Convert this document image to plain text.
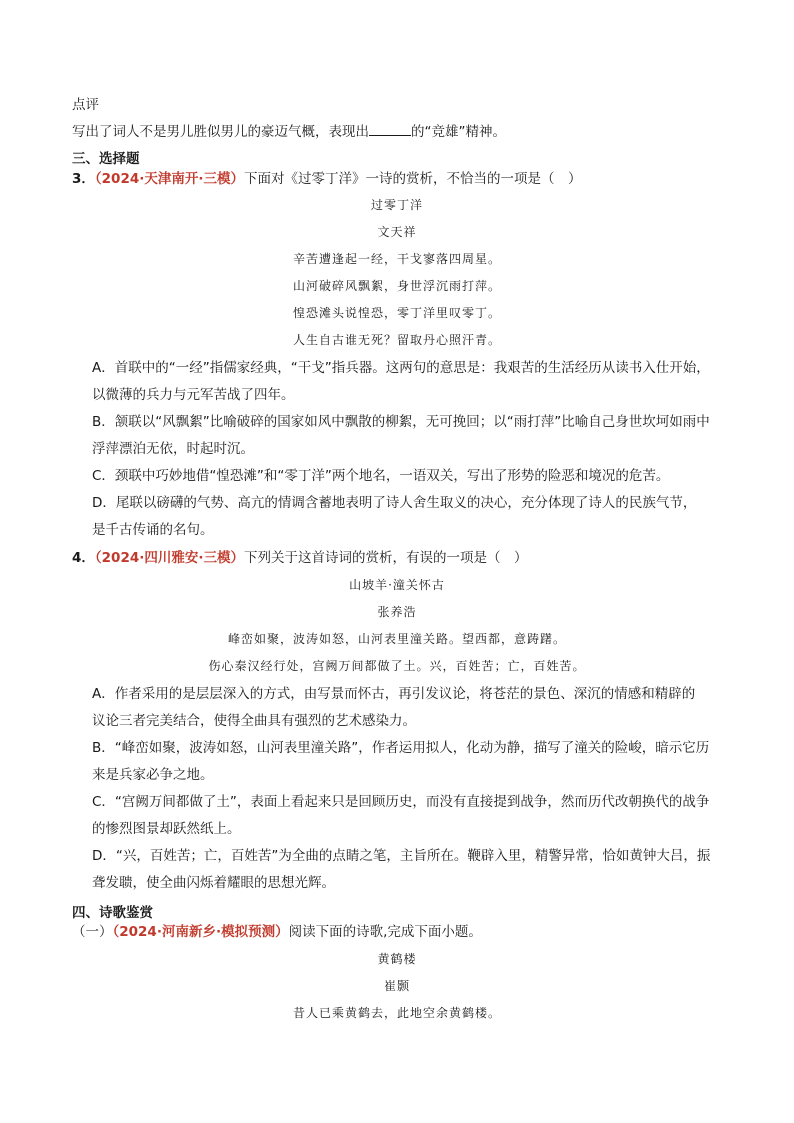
点评
写出了词人不是男儿胜似男儿的豪迈气概，表现出	的“竞雄”精神。
三、选择题
3．（2024·天津南开·三模）下面对《过零丁洋》一诗的赏析，不恰当的一项是（　）
过零丁洋
文天祥
辛苦遭逢起一经，干戈寥落四周星。
山河破碎风飘絮，身世浮沉雨打萍。
惶恐滩头说惶恐，零丁洋里叹零丁。
人生自古谁无死？留取丹心照汗青。
A．首联中的“一经”指儒家经典，“干戈”指兵器。这两句的意思是：我艰苦的生活经历从读书入仕开始，
以微薄的兵力与元军苦战了四年。
B．颔联以“风飘絮”比喻破碎的国家如风中飘散的柳絮，无可挽回；以“雨打萍”比喻自己身世坎坷如雨中
浮萍漂泊无依，时起时沉。
C．颈联中巧妙地借“惶恐滩”和“零丁洋”两个地名，一语双关，写出了形势的险恶和境况的危苦。
D．尾联以磅礴的气势、高亢的情调含蓄地表明了诗人舍生取义的决心，充分体现了诗人的民族气节，
是千古传诵的名句。
4．（2024·四川雅安·三模）下列关于这首诗词的赏析，有误的一项是（　）
山坡羊·潼关怀古
张养浩
峰峦如聚，波涛如怒，山河表里潼关路。望西都，意踌躇。
伤心秦汉经行处，宫阙万间都做了土。兴，百姓苦；亡，百姓苦。
A．作者采用的是层层深入的方式，由写景而怀古，再引发议论，将苍茫的景色、深沉的情感和精辟的
议论三者完美结合，使得全曲具有强烈的艺术感染力。
B．“峰峦如聚，波涛如怒，山河表里潼关路”，作者运用拟人，化动为静，描写了潼关的险峻，暗示它历
来是兵家必争之地。
C．“宫阙万间都做了土”，表面上看起来只是回顾历史，而没有直接提到战争，然而历代改朝换代的战争
的惨烈图景却跃然纸上。
D．“兴，百姓苦；亡，百姓苦”为全曲的点睛之笔，主旨所在。鞭辟入里，精警异常，恰如黄钟大吕，振
聋发聩，使全曲闪烁着耀眼的思想光辉。
四、诗歌鉴赏
（一）（2024·河南新乡·模拟预测）阅读下面的诗歌,完成下面小题。
黄鹤楼
崔颢
昔人已乘黄鹤去，此地空余黄鹤楼。
